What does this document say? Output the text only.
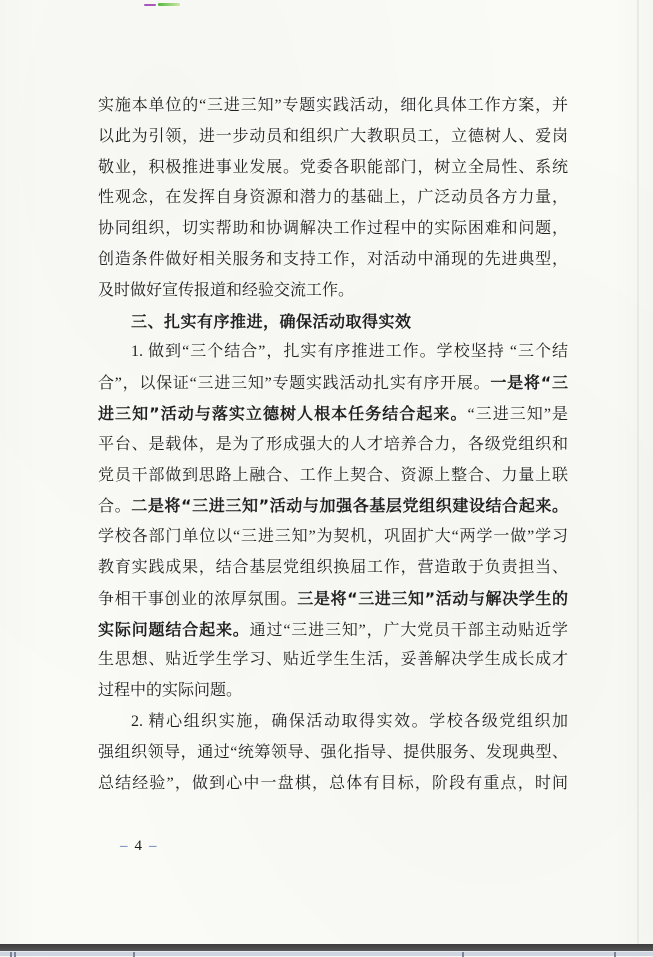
实施本单位的“三进三知”专题实践活动，细化具体工作方案，并
以此为引领，进一步动员和组织广大教职员工，立德树人、爱岗
敬业，积极推进事业发展。党委各职能部门，树立全局性、系统
性观念，在发挥自身资源和潜力的基础上，广泛动员各方力量，
协同组织，切实帮助和协调解决工作过程中的实际困难和问题，
创造条件做好相关服务和支持工作，对活动中涌现的先进典型，
及时做好宣传报道和经验交流工作。
三、扎实有序推进，确保活动取得实效
1. 做到“三个结合”，扎实有序推进工作。学校坚持 “三个结
合”，以保证“三进三知”专题实践活动扎实有序开展。一是将“三
进三知”活动与落实立德树人根本任务结合起来。“三进三知”是
平台、是载体，是为了形成强大的人才培养合力，各级党组织和
党员干部做到思路上融合、工作上契合、资源上整合、力量上联
合。二是将“三进三知”活动与加强各基层党组织建设结合起来。
学校各部门单位以“三进三知”为契机，巩固扩大“两学一做”学习
教育实践成果，结合基层党组织换届工作，营造敢于负责担当、
争相干事创业的浓厚氛围。三是将“三进三知”活动与解决学生的
实际问题结合起来。通过“三进三知”，广大党员干部主动贴近学
生思想、贴近学生学习、贴近学生生活，妥善解决学生成长成才
过程中的实际问题。
2. 精心组织实施，确保活动取得实效。学校各级党组织加
强组织领导，通过“统筹领导、强化指导、提供服务、发现典型、
总结经验”，做到心中一盘棋，总体有目标，阶段有重点，时间
– 4 –
